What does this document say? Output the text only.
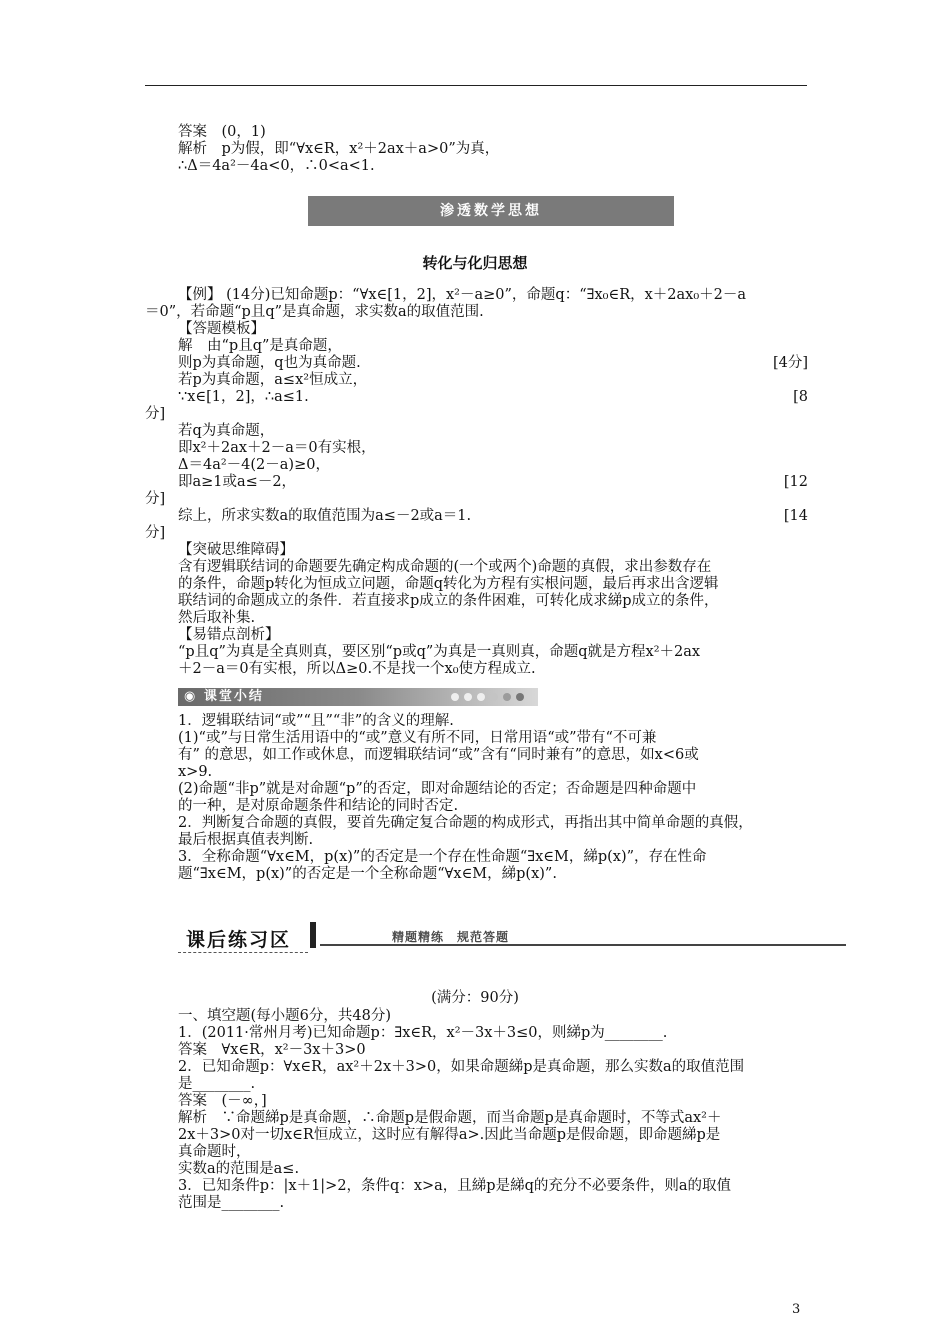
答案　(0，1)
解析　p为假，即“∀x∈R，x²＋2ax＋a>0”为真，
∴Δ＝4a²－4a<0，∴0<a<1.
渗透数学思想
转化与化归思想
【例】 (14分)已知命题p：“∀x∈[1，2]，x²－a≥0”，命题q：“∃x₀∈R，x＋2ax₀＋2－a
＝0”，若命题“p且q”是真命题，求实数a的取值范围.
【答题模板】
解　由“p且q”是真命题，
则p为真命题，q也为真命题.	[4分]
若p为真命题，a≤x²恒成立，
∵x∈[1，2]，∴a≤1.	[8
分]
若q为真命题，
即x²＋2ax＋2－a＝0有实根，
Δ＝4a²－4(2－a)≥0，
即a≥1或a≤－2，	[12
分]
综上，所求实数a的取值范围为a≤－2或a＝1.	[14
分]
【突破思维障碍】
含有逻辑联结词的命题要先确定构成命题的(一个或两个)命题的真假，求出参数存在
的条件，命题p转化为恒成立问题，命题q转化为方程有实根问题，最后再求出含逻辑
联结词的命题成立的条件．若直接求p成立的条件困难，可转化成求綈p成立的条件，
然后取补集.
【易错点剖析】
“p且q”为真是全真则真，要区别“p或q”为真是一真则真，命题q就是方程x²＋2ax
＋2－a＝0有实根，所以Δ≥0.不是找一个x₀使方程成立.
◉ 课堂小结
1．逻辑联结词“或”“且”“非”的含义的理解.
(1)“或”与日常生活用语中的“或”意义有所不同，日常用语“或”带有“不可兼
有” 的意思，如工作或休息，而逻辑联结词“或”含有“同时兼有”的意思，如x<6或
x>9.
(2)命题“非p”就是对命题“p”的否定，即对命题结论的否定；否命题是四种命题中
的一种，是对原命题条件和结论的同时否定.
2．判断复合命题的真假，要首先确定复合命题的构成形式，再指出其中简单命题的真假，
最后根据真值表判断.
3．全称命题“∀x∈M，p(x)”的否定是一个存在性命题“∃x∈M，綈p(x)”，存在性命
题“∃x∈M，p(x)”的否定是一个全称命题“∀x∈M，綈p(x)”.
课后练习区	精题精练　规范答题
(满分：90分)
一、填空题(每小题6分，共48分)
1．(2011·常州月考)已知命题p：∃x∈R，x²－3x＋3≤0，则綈p为________.
答案　∀x∈R，x²－3x＋3>0
2．已知命题p：∀x∈R，ax²＋2x＋3>0，如果命题綈p是真命题，那么实数a的取值范围
是________.
答案　(－∞，]
解析　∵命题綈p是真命题，∴命题p是假命题，而当命题p是真命题时，不等式ax²＋
2x＋3>0对一切x∈R恒成立，这时应有解得a>.因此当命题p是假命题，即命题綈p是
真命题时，
实数a的范围是a≤.
3．已知条件p：|x＋1|>2，条件q：x>a，且綈p是綈q的充分不必要条件，则a的取值
范围是________.
3
